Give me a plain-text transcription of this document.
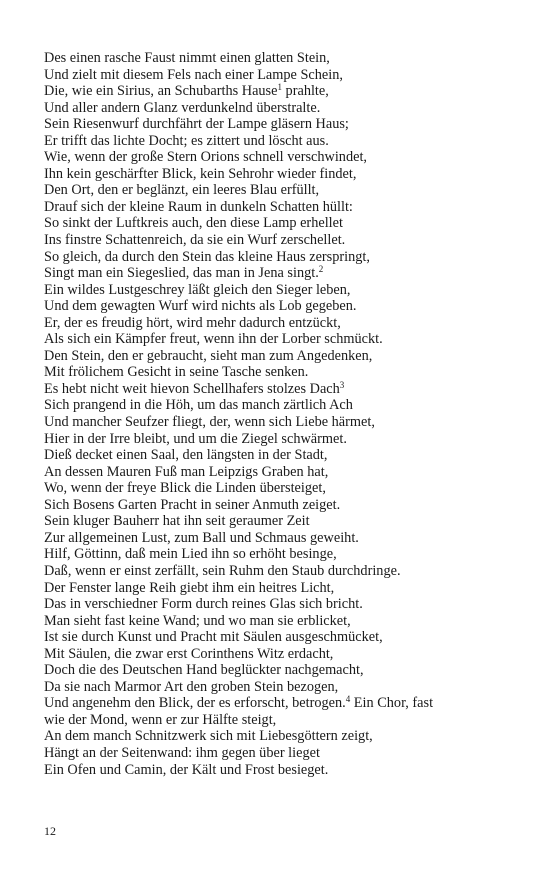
Des einen rasche Faust nimmt einen glatten Stein,
Und zielt mit diesem Fels nach einer Lampe Schein,
Die, wie ein Sirius, an Schubarths Hause$^1$ prahlte,
Und aller andern Glanz verdunkelnd überstralte.
Sein Riesenwurf durchfährt der Lampe gläsern Haus;
Er trifft das lichte Docht; es zittert und löscht aus.
Wie, wenn der große Stern Orions schnell verschwindet,
Ihn kein geschärfter Blick, kein Sehrohr wieder findet,
Den Ort, den er beglänzt, ein leeres Blau erfüllt,
Drauf sich der kleine Raum in dunkeln Schatten hüllt:
So sinkt der Luftkreis auch, den diese Lamp erhellet
Ins finstre Schattenreich, da sie ein Wurf zerschellet.
So gleich, da durch den Stein das kleine Haus zerspringt,
Singt man ein Siegeslied, das man in Jena singt.$^2$
Ein wildes Lustgeschrey läßt gleich den Sieger leben,
Und dem gewagten Wurf wird nichts als Lob gegeben.
Er, der es freudig hört, wird mehr dadurch entzückt,
Als sich ein Kämpfer freut, wenn ihn der Lorber schmückt.
Den Stein, den er gebraucht, sieht man zum Angedenken,
Mit frölichem Gesicht in seine Tasche senken.
Es hebt nicht weit hievon Schellhafers stolzes Dach$^3$
Sich prangend in die Höh, um das manch zärtlich Ach
Und mancher Seufzer fliegt, der, wenn sich Liebe härmet,
Hier in der Irre bleibt, und um die Ziegel schwärmet.
Dieß decket einen Saal, den längsten in der Stadt,
An dessen Mauren Fuß man Leipzigs Graben hat,
Wo, wenn der freye Blick die Linden übersteiget,
Sich Bosens Garten Pracht in seiner Anmuth zeiget.
Sein kluger Bauherr hat ihn seit geraumer Zeit
Zur allgemeinen Lust, zum Ball und Schmaus geweiht.
Hilf, Göttinn, daß mein Lied ihn so erhöht besinge,
Daß, wenn er einst zerfällt, sein Ruhm den Staub durchdringe.
Der Fenster lange Reih giebt ihm ein heitres Licht,
Das in verschiedner Form durch reines Glas sich bricht.
Man sieht fast keine Wand; und wo man sie erblicket,
Ist sie durch Kunst und Pracht mit Säulen ausgeschmücket,
Mit Säulen, die zwar erst Corinthens Witz erdacht,
Doch die des Deutschen Hand beglückter nachgemacht,
Da sie nach Marmor Art den groben Stein bezogen,
Und angenehm den Blick, der es erforscht, betrogen.$^4$ Ein Chor, fast
wie der Mond, wenn er zur Hälfte steigt,
An dem manch Schnitzwerk sich mit Liebesgöttern zeigt,
Hängt an der Seitenwand: ihm gegen über lieget
Ein Ofen und Camin, der Kält und Frost besieget.
12
